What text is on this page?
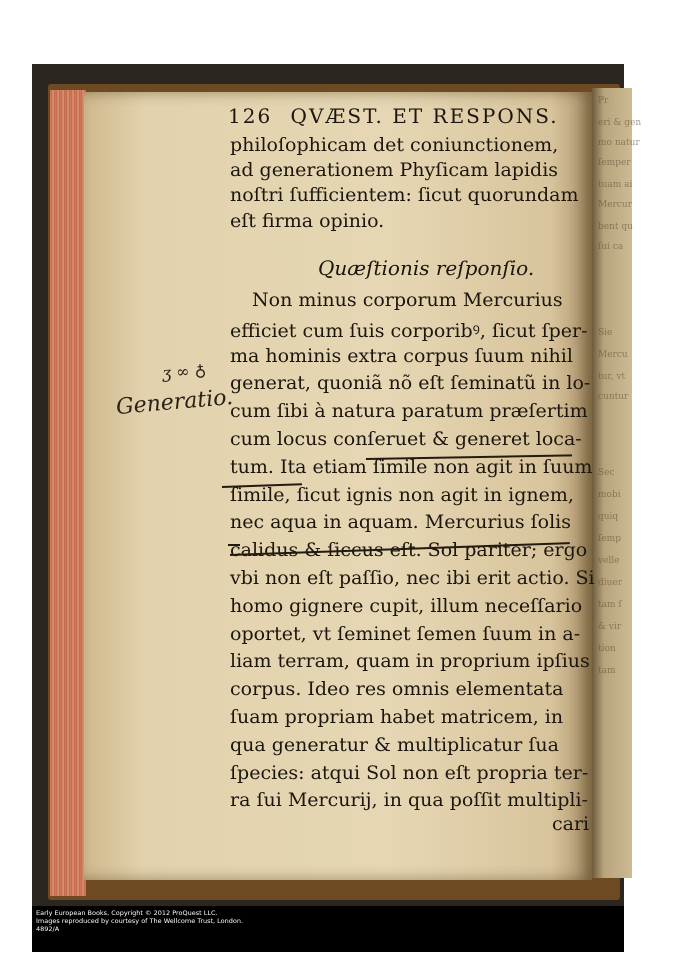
Pr
eri & gen
mo natur
ſemper
tuam ai
Mercur
bent qu
ſui ca
Sie
Mercu
tur, vt
cuntur
Sec
mobi
quiq
ſemp
velle
diuer
tam ſ
& vir
tion
tam
126 QVÆST. ET RESPONS.
philoſophicam det coniunctionem,
ad generationem Phyſicam lapidis
noſtri ſufficientem: ſicut quorundam
eſt firma opinio.
Non minus corporum Mercurius
efficiet cum ſuis corporibꝰ, ſicut ſper-
ma hominis extra corpus ſuum nihil
generat, quoniã nõ eſt ſeminatũ in lo-
cum ſibi à natura paratum præſertim
cum locus conſeruet & generet loca-
tum. Ita etiam ſimile non agit in ſuum
ſimile, ſicut ignis non agit in ignem,
nec aqua in aquam. Mercurius ſolis
calidus & ſiccus eſt. Sol pariter; ergo
vbi non eſt paſſio, nec ibi erit actio. Si
homo gignere cupit, illum neceſſario
oportet, vt ſeminet ſemen ſuum in a-
liam terram, quam in proprium ipſius
corpus. Ideo res omnis elementata
ſuam propriam habet matricem, in
qua generatur & multiplicatur ſua
ſpecies: atqui Sol non eſt propria ter-
ra ſui Mercurij, in qua poſſit multipli-
cari
Quæſtionis reſponſio.
ʒ ∞ ♁
Generatio.
Early European Books, Copyright © 2012 ProQuest LLC.
Images reproduced by courtesy of The Wellcome Trust, London.
4892/A
